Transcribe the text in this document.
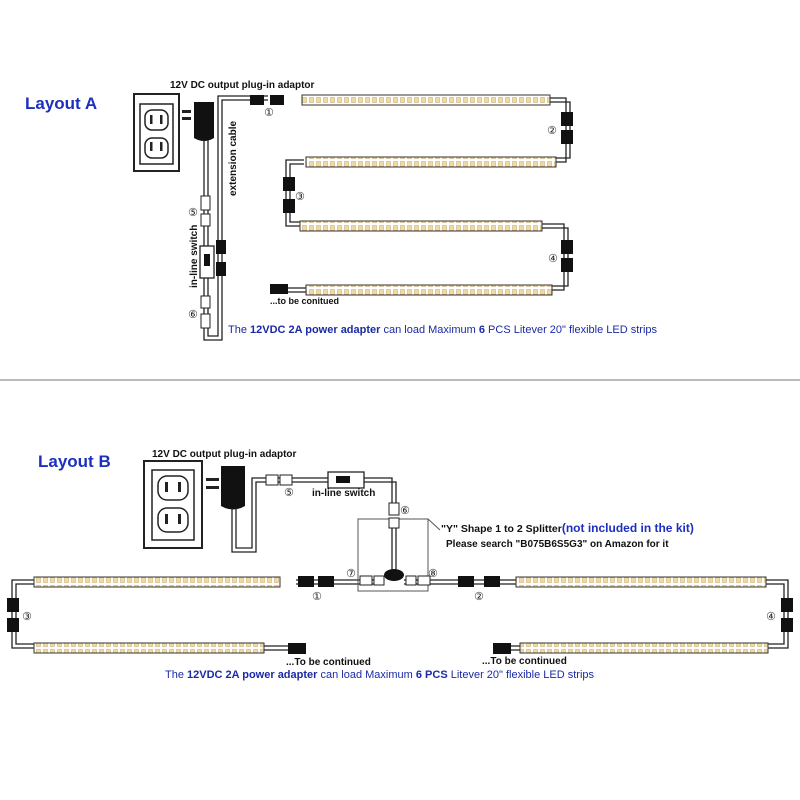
Layout A
12V DC output plug-in adaptor
extension cable
in-line switch
①
②
③
④
⑤
⑥
...to be conitued
Layout B	12V DC output plug-in adaptor
in-line switch
①	②
③	④
⑤
⑥
⑦	⑧
"Y" Shape 1 to 2 Splitter(not included in the kit)
Please search "B075B6S5G3" on Amazon for it
...To be continued	...To be continued
The 12VDC 2A power adapter can load Maximum 6 PCS Litever 20" flexible LED strips
The 12VDC 2A power adapter can load Maximum 6 PCS Litever 20" flexible LED strips
